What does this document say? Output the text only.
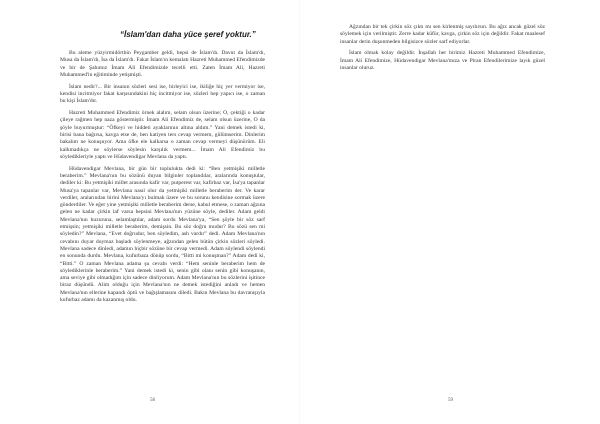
“İslam'dan daha yüce şeref yoktur.”

Bu aleme yüzyirmidörtbin Peygamber geldi, hepsi de İslam'dı. Davut da İslam'dı, Musa da İslam'dı, İsa da İslam'dı. Fakat İslam'ın kemalatı Hazreti Muhammed Efendimizde ve bir de Şahımız İmam Ali Efendimizde tecelli etti. Zaten İmam Ali, Hazreti Muhammed'in eğitiminde yetişmişti.

İslam nedir?... Bir insanın sözleri sesi ise, birleyici ise, ikiliğe hiç yer vermiyor ise, kendisi incitmiyor fakat karşısındakini hiç incitmiyor ise, sözleri hep yapıcı ise, o zaman bu kişi İslam'dır.

Hazreti Muhammed Efendimiz örnek alalım, selam olsun üzerine; O, çektiği o kadar çileye rağmen hep naza göstermiştir. İmam Ali Efendimiz de, selam olsun üzerine, O da şöyle buyurmuştur: “Öfkeyi ve hiddeti ayaklarının altına aldım.” Yani demek istedi ki, birisi bana bağırsa, kavga etse de, ben katiyen ters cevap vermem, gülümserim. Dinlerim bakalım ne konuşuyor. Ama öfke ele kalkarsa o zaman cevap vermeyi düşünürüm. Eli kalkmadıkça ne söylerse söylesin karşılık vermem... İmam Ali Efendimiz bu söyledikleriyle yaptı ve Hüdavendigar Mevlana da yaptı.

Hüdavendigar Mevlana, bir gün bir toplulukta dedi ki: “Ben yetmişiki milletle beraberim.” Mevlana'nın bu sözünü duyan bilginler toplandılar, aralarında konuştular, dediler ki: Bu yetmişiki millet arasında kafir var, putperest var, kafirbaz var, İsa'ya tapanlar Musa'ya tapanlar var, Mevlana nasıl olur da yetmişiki milletle beraberim der. Ve karar verdiler, aralarından birini Mevlana'yı bulmak üzere ve bu sorunu kendisine sormak üzere gönderdiler. Ve eğer yine yetmişiki milletle beraberim derse, kabul etmese, o zaman ağzına gelen ne kadar çirkin laf varsa hepsini Mevlana'nın yüzüne söyle, dediler. Adam geldi Mevlana'nın huzuruna, selamlaştılar, adam sordu Mevlana'ya, “Sen şöyle bir söz sarf etmişsin; yetmişiki milletle beraberim, demişsin. Bu söz doğru mudur? Bu sözü sen mi söyledin?” Mevlana, “Evet doğrudur, ben söyledim, ash vardır” dedi. Adam Mevlana'nın cevabını duyar duymaz başladı söylenmeye, ağzından gelen bütün çirkin sözleri söyledi. Mevlana sadece dinledi, adamın hiçbir sözüne bir cevap vermedi. Adam söylendi söylendi en sonunda durdu. Mevlana, kufurbaza dönüp sordu, “Bitti mi konuşman?” Adam dedi ki, “Bitti.” O zaman Mevlana adama şu cevabı verdi: “Hem seninle beraberim hem de söylediklerinle beraberim.” Yani demek istedi ki, senin gibi olanı senin gibi konuşanın, ama seviye gibi olmadığım için sadece dinliyorum. Adam Mevlana'nın bu sözlerini işitince biraz düşündü. Alim olduğu için Mevlana'nın ne demek istediğini anladı ve hemen Mevlana'nın ellerine kapandı öptü ve bağışlamasını diledi. Bakın Mevlana bu davranışıyla kufurbaz adamı da kazanmış oldu.

58

Ağzından bir tek çirkin söz çıktı mı sen kirlenmiş sayılırsın. Bu ağız ancak güzel söz söylemek için verilmiştir. Zerre kadar küfür, kavga, çirkin söz için değildir. Fakat maalesef insanlar derin duşunmeden bilgisizce sözler sarf ediyorlar.

İslam olmak kolay değildir. İnşallah her birimiz Hazreti Muhammed Efendimize, İmam Ali Efendimize, Hüdavendigar Mevlana'mıza ve Piran Efendilerimize layık güzel insanlar oluruz.

59
